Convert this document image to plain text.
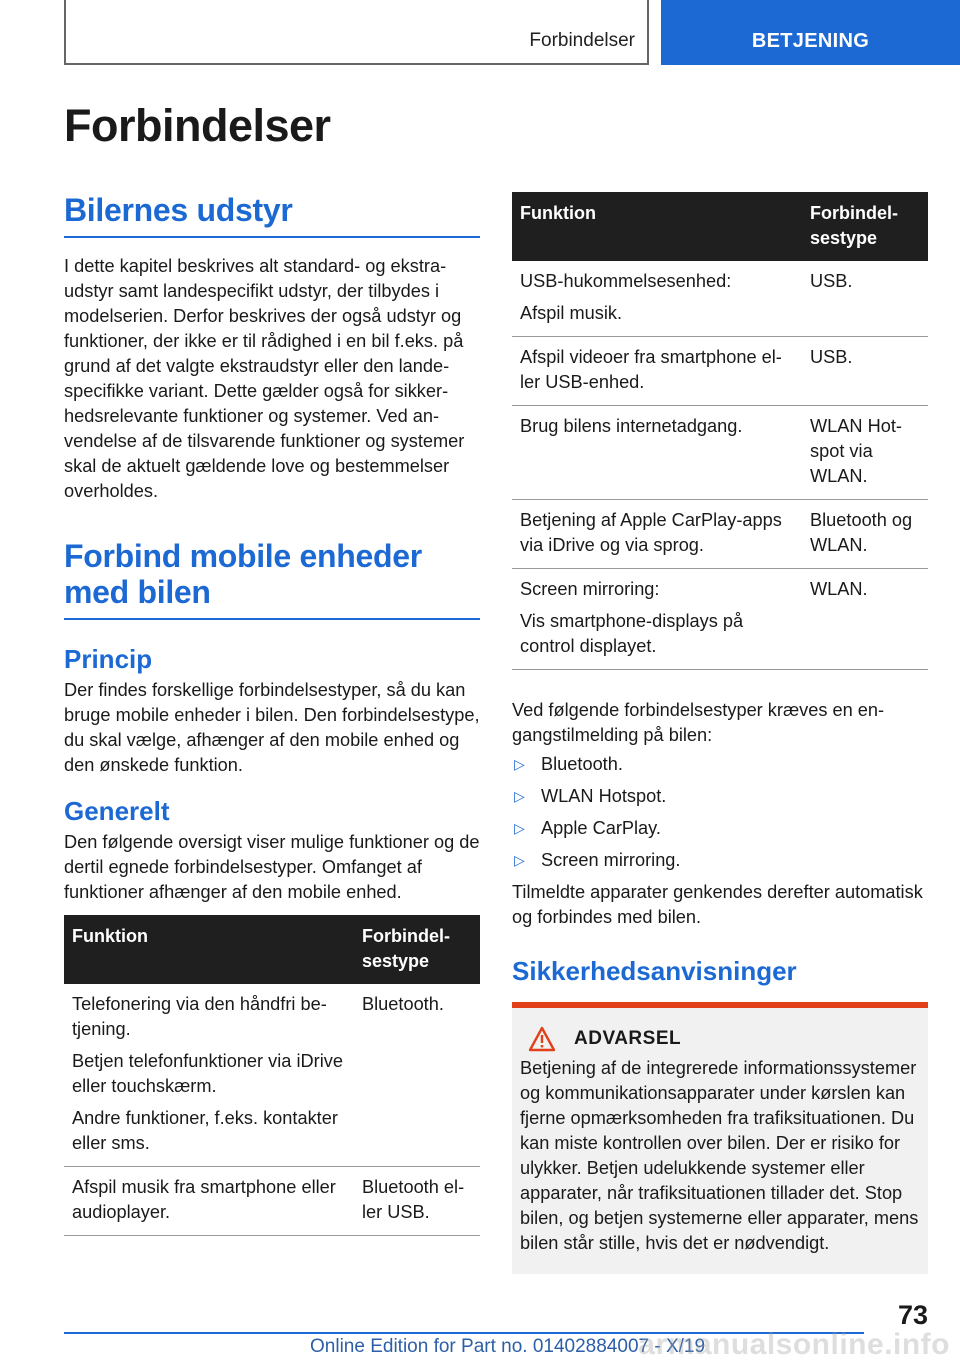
Forbindelser	BETJENING
Forbindelser
Bilernes udstyr

I dette kapitel beskrives alt standard- og ekstraudstyr samt landespecifikt udstyr, der tilbydes i modelserien. Derfor beskrives der også udstyr og funktioner, der ikke er til rådighed i en bil f.eks. på grund af det valgte ekstraudstyr eller den landespecifikke variant. Dette gælder også for sikkerhedsrelevante funktioner og systemer. Ved anvendelse af de tilsvarende funktioner og systemer skal de aktuelt gældende love og bestemmelser overholdes.

Forbind mobile enheder med bilen
Princip

Der findes forskellige forbindelsestyper, så du kan bruge mobile enheder i bilen. Den forbindelsestype, du skal vælge, afhænger af den mobile enhed og den ønskede funktion.

Generelt

Den følgende oversigt viser mulige funktioner og de dertil egnede forbindelsestyper. Omfanget af funktioner afhænger af den mobile enhed.

Funktion	Forbindelsestype

Telefonering via den håndfri betjening.
Betjen telefonfunktioner via iDrive eller touchskærm.
Andre funktioner, f.eks. kontakter eller sms.	Bluetooth.

Afspil musik fra smartphone eller audioplayer.	Bluetooth eller USB.
Funktion	Forbindelsestype

USB-hukommelsesenhed:
Afspil musik.	USB.

Afspil videoer fra smartphone eller USB-enhed.	USB.

Brug bilens internetadgang.	WLAN Hotspot via WLAN.

Betjening af Apple CarPlay-apps via iDrive og via sprog.	Bluetooth og WLAN.

Screen mirroring:
Vis smartphone-displays på control displayet.	WLAN.

Ved følgende forbindelsestyper kræves en engangstilmelding på bilen:

▷ Bluetooth.
▷ WLAN Hotspot.
▷ Apple CarPlay.
▷ Screen mirroring.

Tilmeldte apparater genkendes derefter automatisk og forbindes med bilen.

Sikkerhedsanvisninger
ADVARSEL

Betjening af de integrerede informationssystemer og kommunikationsapparater under kørslen kan fjerne opmærksomheden fra trafiksituationen. Du kan miste kontrollen over bilen. Der er risiko for ulykker. Betjen udelukkende systemer eller apparater, når trafiksituationen tillader det. Stop bilen, og betjen systemerne eller apparater, mens bilen står stille, hvis det er nødvendigt.

73
Online Edition for Part no. 01402884007 - X/19
armanualsonline.info
